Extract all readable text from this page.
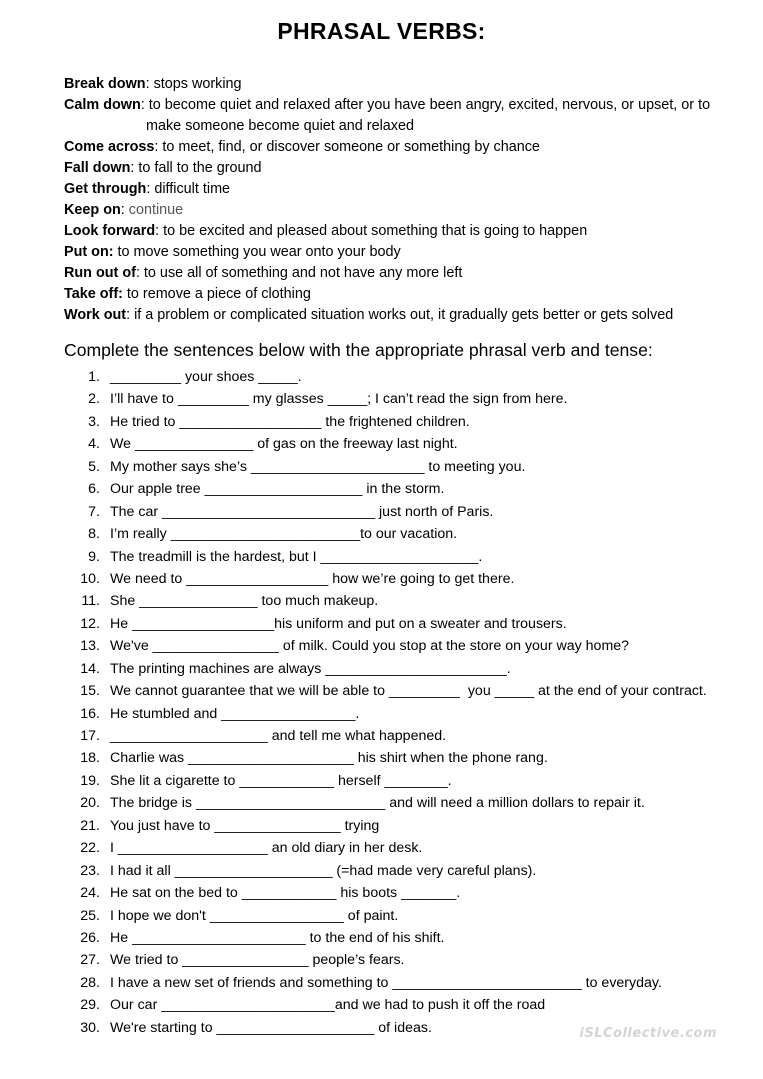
PHRASAL VERBS:
Break down: stops working
Calm down: to become quiet and relaxed after you have been angry, excited, nervous, or upset, or to
make someone become quiet and relaxed
Come across: to meet, find, or discover someone or something by chance
Fall down: to fall to the ground
Get through: difficult time
Keep on: continue
Look forward: to be excited and pleased about something that is going to happen
Put on: to move something you wear onto your body
Run out of: to use all of something and not have any more left
Take off: to remove a piece of clothing
Work out: if a problem or complicated situation works out, it gradually gets better or gets solved
Complete the sentences below with the appropriate phrasal verb and tense:
1. _________ your shoes _____.
2. I’ll have to _________ my glasses _____; I can’t read the sign from here.
3. He tried to __________________ the frightened children.
4. We _______________ of gas on the freeway last night.
5. My mother says she’s ______________________ to meeting you.
6. Our apple tree ____________________ in the storm.
7. The car ___________________________ just north of Paris.
8. I’m really ________________________to our vacation.
9. The treadmill is the hardest, but I ____________________.
10. We need to __________________ how we’re going to get there.
11. She _______________ too much makeup.
12. He __________________his uniform and put on a sweater and trousers.
13. We've ________________ of milk. Could you stop at the store on your way home?
14. The printing machines are always _______________________.
15. We cannot guarantee that we will be able to _________  you _____ at the end of your contract.
16. He stumbled and _________________.
17. ____________________ and tell me what happened.
18. Charlie was _____________________ his shirt when the phone rang.
19. She lit a cigarette to ____________ herself ________.
20. The bridge is ________________________ and will need a million dollars to repair it.
21. You just have to ________________ trying
22. I ___________________ an old diary in her desk.
23. I had it all ____________________ (=had made very careful plans).
24. He sat on the bed to ____________ his boots _______.
25. I hope we don't _________________ of paint.
26. He ______________________ to the end of his shift.
27. We tried to ________________ people’s fears.
28. I have a new set of friends and something to ________________________ to everyday.
29. Our car ______________________and we had to push it off the road
30. We're starting to ____________________ of ideas.	iSLCollective.com
